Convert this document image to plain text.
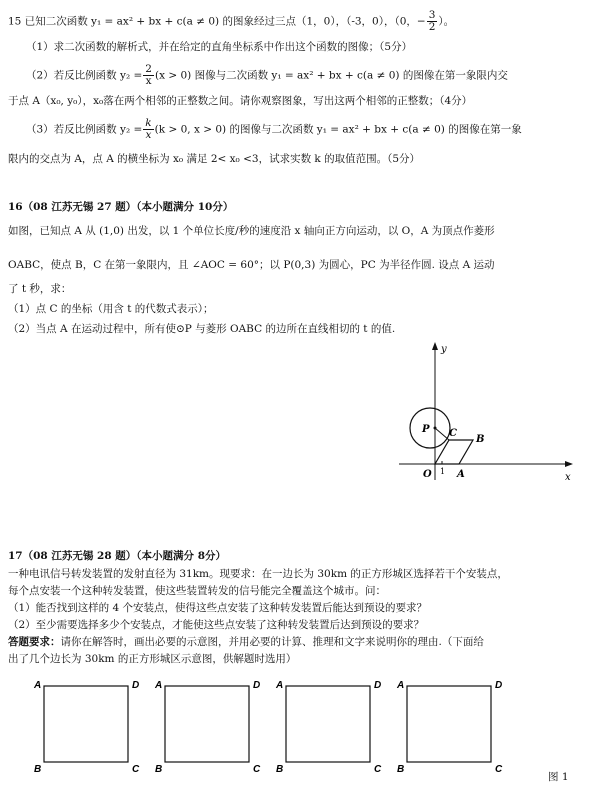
15 已知二次函数 y₁ = ax² + bx + c(a ≠ 0) 的图象经过三点（1，0），（-3，0），（0，− $\frac{3}{2}$ ）。
（1）求二次函数的解析式，并在给定的直角坐标系中作出这个函数的图像；（5分）
（2）若反比例函数 $y_2 = \frac{2}{x} (x > 0)$ 图像与二次函数 y₁ = ax² + bx + c(a ≠ 0) 的图像在第一象限内交
于点 A（x₀, y₀），x₀落在两个相邻的正整数之间。请你观察图象，写出这两个相邻的正整数；（4分）
（3）若反比例函数 $y_2 = \frac{k}{x} (k > 0$, x > 0) 的图像与二次函数 y₁ = ax² + bx + c(a ≠ 0) 的图像在第一象
限内的交点为 A，点 A 的横坐标为 x₀ 满足 2< x₀ <3，试求实数 k 的取值范围。（5分）
16（08 江苏无锡 27 题）（本小题满分 10分）
如图，已知点 A 从 (1,0) 出发，以 1 个单位长度/秒的速度沿 x 轴向正方向运动，以 O，A 为顶点作菱形
OABC，使点 B，C 在第一象限内，且 ∠AOC = 60°；以 P(0,3) 为圆心，PC 为半径作圆. 设点 A 运动
了 t 秒，求：
（1）点 C 的坐标（用含 t 的代数式表示）；
（2）当点 A 在运动过程中，所有使⊙P 与菱形 OABC 的边所在直线相切的 t 的值.
y
x
O 1
P C
B
A
17（08 江苏无锡 28 题）（本小题满分 8分）
一种电讯信号转发装置的发射直径为 31km。现要求：在一边长为 30km 的正方形城区选择若干个安装点，
每个点安装一个这种转发装置，使这些装置转发的信号能完全覆盖这个城市。问：
（1）能否找到这样的 4 个安装点，使得这些点安装了这种转发装置后能达到预设的要求？
（2）至少需要选择多少个安装点，才能使这些点安装了这种转发装置后达到预设的要求？
答题要求：请你在解答时，画出必要的示意图，并用必要的计算、推理和文字来说明你的理由.（下面给
出了几个边长为 30km 的正方形城区示意图，供解题时选用）
A	D
B	C
A	D
B	C
A	D
B	C
A	D
B	C
图 1
